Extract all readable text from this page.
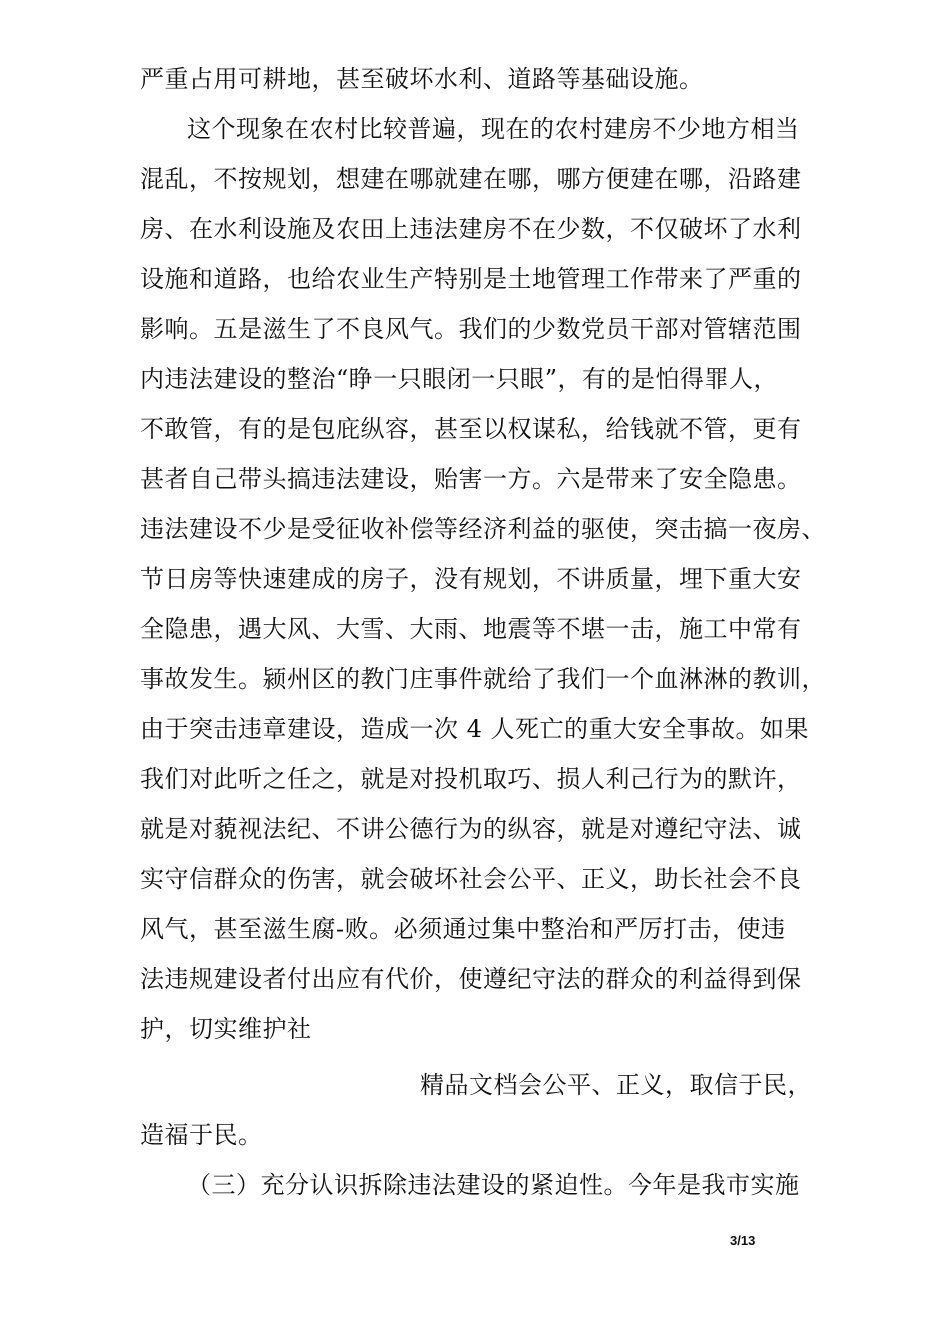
严重占用可耕地，甚至破坏水利、道路等基础设施。
这个现象在农村比较普遍，现在的农村建房不少地方相当
混乱，不按规划，想建在哪就建在哪，哪方便建在哪，沿路建
房、在水利设施及农田上违法建房不在少数，不仅破坏了水利
设施和道路，也给农业生产特别是土地管理工作带来了严重的
影响。五是滋生了不良风气。我们的少数党员干部对管辖范围
内违法建设的整治“睁一只眼闭一只眼”，有的是怕得罪人，
不敢管，有的是包庇纵容，甚至以权谋私，给钱就不管，更有
甚者自己带头搞违法建设，贻害一方。六是带来了安全隐患。
违法建设不少是受征收补偿等经济利益的驱使，突击搞一夜房、
节日房等快速建成的房子，没有规划，不讲质量，埋下重大安
全隐患，遇大风、大雪、大雨、地震等不堪一击，施工中常有
事故发生。颍州区的教门庄事件就给了我们一个血淋淋的教训，
由于突击违章建设，造成一次 4 人死亡的重大安全事故。如果
我们对此听之任之，就是对投机取巧、损人利己行为的默许，
就是对藐视法纪、不讲公德行为的纵容，就是对遵纪守法、诚
实守信群众的伤害，就会破坏社会公平、正义，助长社会不良
风气，甚至滋生腐-败。必须通过集中整治和严厉打击，使违
法违规建设者付出应有代价，使遵纪守法的群众的利益得到保
护，切实维护社
精品文档会公平、正义，取信于民，
造福于民。
（三）充分认识拆除违法建设的紧迫性。今年是我市实施
3/13
